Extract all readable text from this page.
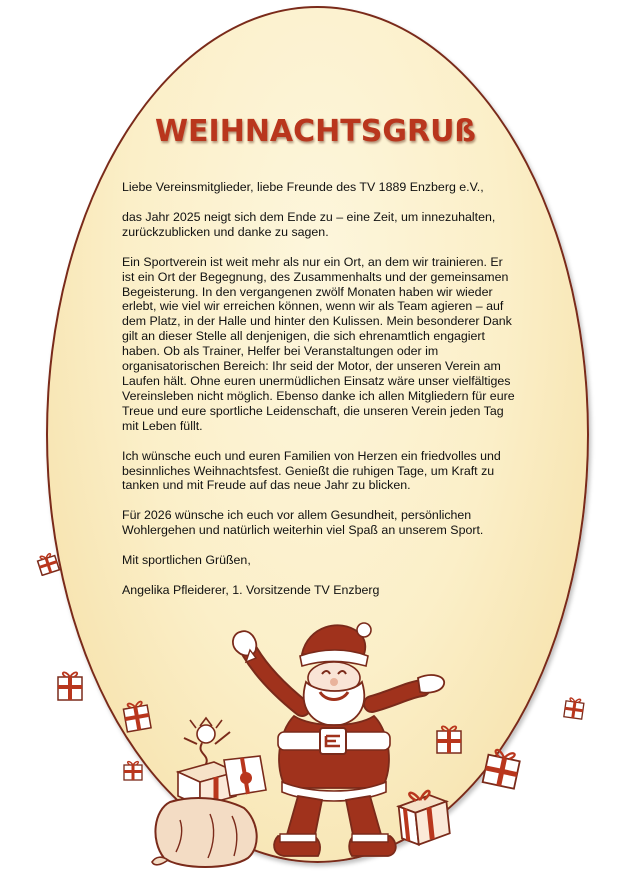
WEIHNACHTSGRUß

Liebe Vereinsmitglieder, liebe Freunde des TV 1889 Enzberg e.V.,

das Jahr 2025 neigt sich dem Ende zu – eine Zeit, um innezuhalten, zurückzublicken und danke zu sagen.

Ein Sportverein ist weit mehr als nur ein Ort, an dem wir trainieren. Er ist ein Ort der Begegnung, des Zusammenhalts und der gemeinsamen Begeisterung. In den vergangenen zwölf Monaten haben wir wieder erlebt, wie viel wir erreichen können, wenn wir als Team agieren – auf dem Platz, in der Halle und hinter den Kulissen. Mein besonderer Dank gilt an dieser Stelle all denjenigen, die sich ehrenamtlich engagiert haben. Ob als Trainer, Helfer bei Veranstaltungen oder im organisatorischen Bereich: Ihr seid der Motor, der unseren Verein am Laufen hält. Ohne euren unermüdlichen Einsatz wäre unser vielfältiges Vereinsleben nicht möglich. Ebenso danke ich allen Mitgliedern für eure Treue und eure sportliche Leidenschaft, die unseren Verein jeden Tag mit Leben füllt.

Ich wünsche euch und euren Familien von Herzen ein friedvolles und besinnliches Weihnachtsfest. Genießt die ruhigen Tage, um Kraft zu tanken und mit Freude auf das neue Jahr zu blicken.

Für 2026 wünsche ich euch vor allem Gesundheit, persönlichen Wohlergehen und natürlich weiterhin viel Spaß an unserem Sport.

Mit sportlichen Grüßen,

Angelika Pfleiderer, 1. Vorsitzende TV Enzberg
